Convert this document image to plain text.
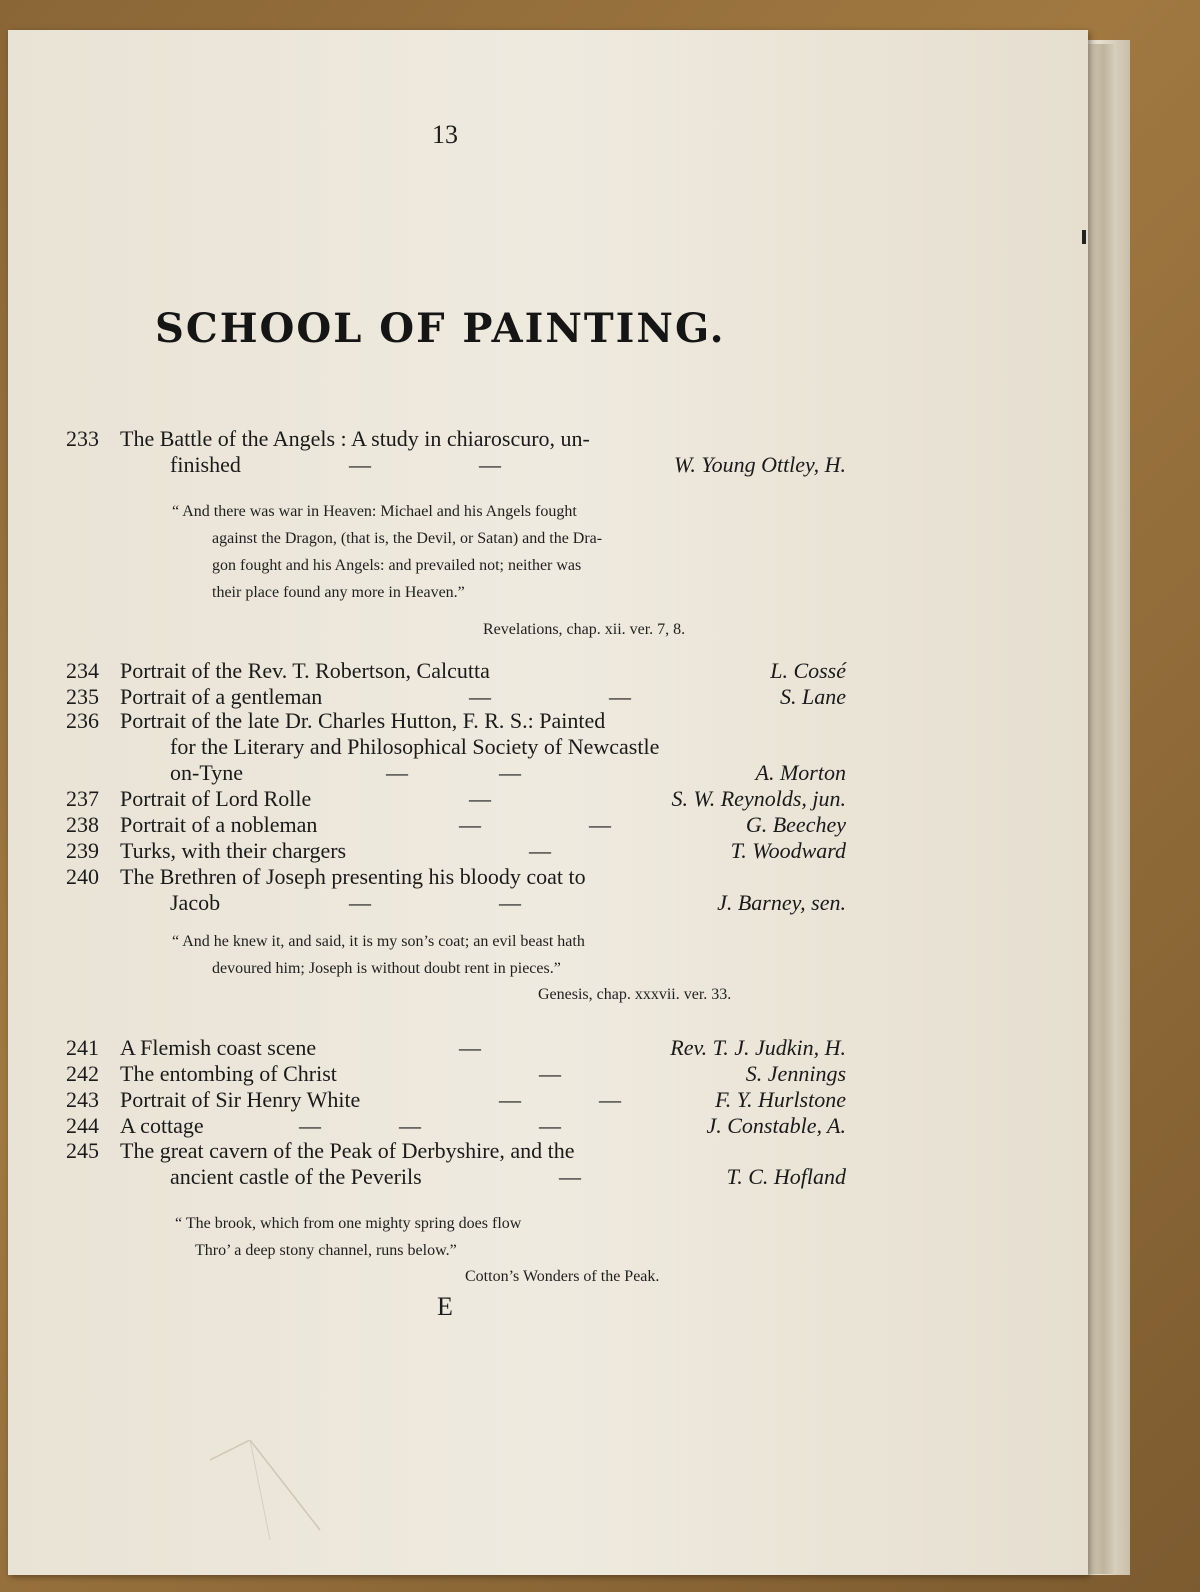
13
SCHOOL OF PAINTING.
233 The Battle of the Angels : A study in chiaroscuro, un-
finished	—	—	W. Young Ottley, H.
“ And there was war in Heaven: Michael and his Angels fought
against the Dragon, (that is, the Devil, or Satan) and the Dra-
gon fought and his Angels: and prevailed not; neither was
their place found any more in Heaven.”
Revelations, chap. xii. ver. 7, 8.
234 Portrait of the Rev. T. Robertson, Calcutta	L. Cossé
235 Portrait of a gentleman	—	—	S. Lane
236 Portrait of the late Dr. Charles Hutton, F. R. S.: Painted
for the Literary and Philosophical Society of Newcastle
on-Tyne	—	—	A. Morton
237 Portrait of Lord Rolle	—	S. W. Reynolds, jun.
238 Portrait of a nobleman	—	—	G. Beechey
239 Turks, with their chargers	—	T. Woodward
240 The Brethren of Joseph presenting his bloody coat to
Jacob	—	—	J. Barney, sen.
“ And he knew it, and said, it is my son’s coat; an evil beast hath
devoured him; Joseph is without doubt rent in pieces.”
Genesis, chap. xxxvii. ver. 33.
241 A Flemish coast scene	—	Rev. T. J. Judkin, H.
242 The entombing of Christ	—	S. Jennings
243 Portrait of Sir Henry White	—	—	F. Y. Hurlstone
244 A cottage	—	—	—	J. Constable, A.
245 The great cavern of the Peak of Derbyshire, and the
ancient castle of the Peverils	—	T. C. Hofland
“ The brook, which from one mighty spring does flow
Thro’ a deep stony channel, runs below.”
Cotton’s Wonders of the Peak.
E
